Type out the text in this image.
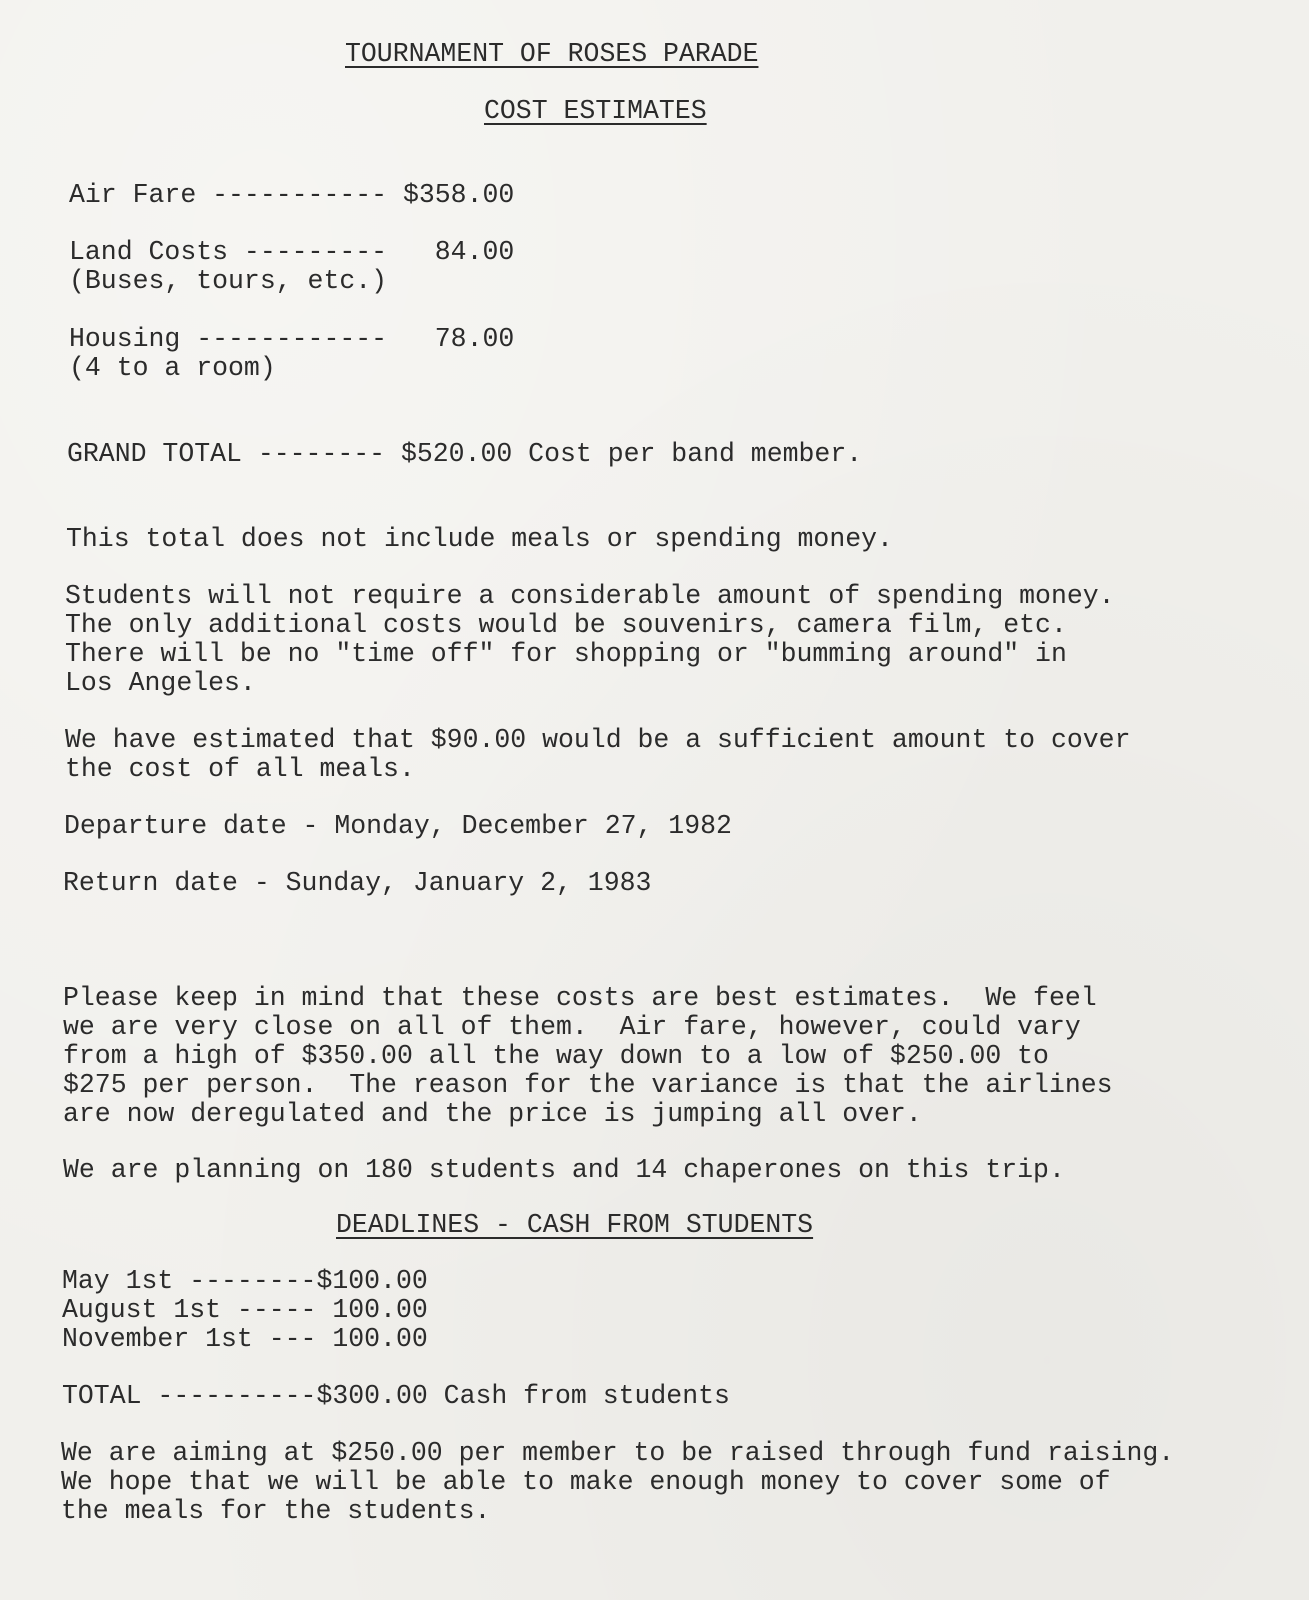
TOURNAMENT OF ROSES PARADE
COST ESTIMATES
Air Fare ----------- $358.00
Land Costs ---------   84.00
(Buses, tours, etc.)
Housing ------------   78.00
(4 to a room)
GRAND TOTAL -------- $520.00 Cost per band member.
This total does not include meals or spending money.
Students will not require a considerable amount of spending money.
The only additional costs would be souvenirs, camera film, etc.
There will be no "time off" for shopping or "bumming around" in
Los Angeles.
We have estimated that $90.00 would be a sufficient amount to cover
the cost of all meals.
Departure date - Monday, December 27, 1982
Return date - Sunday, January 2, 1983
Please keep in mind that these costs are best estimates.  We feel
we are very close on all of them.  Air fare, however, could vary
from a high of $350.00 all the way down to a low of $250.00 to
$275 per person.  The reason for the variance is that the airlines
are now deregulated and the price is jumping all over.
We are planning on 180 students and 14 chaperones on this trip.
DEADLINES - CASH FROM STUDENTS
May 1st --------$100.00
August 1st ----- 100.00
November 1st --- 100.00
TOTAL ----------$300.00 Cash from students
We are aiming at $250.00 per member to be raised through fund raising.
We hope that we will be able to make enough money to cover some of
the meals for the students.
